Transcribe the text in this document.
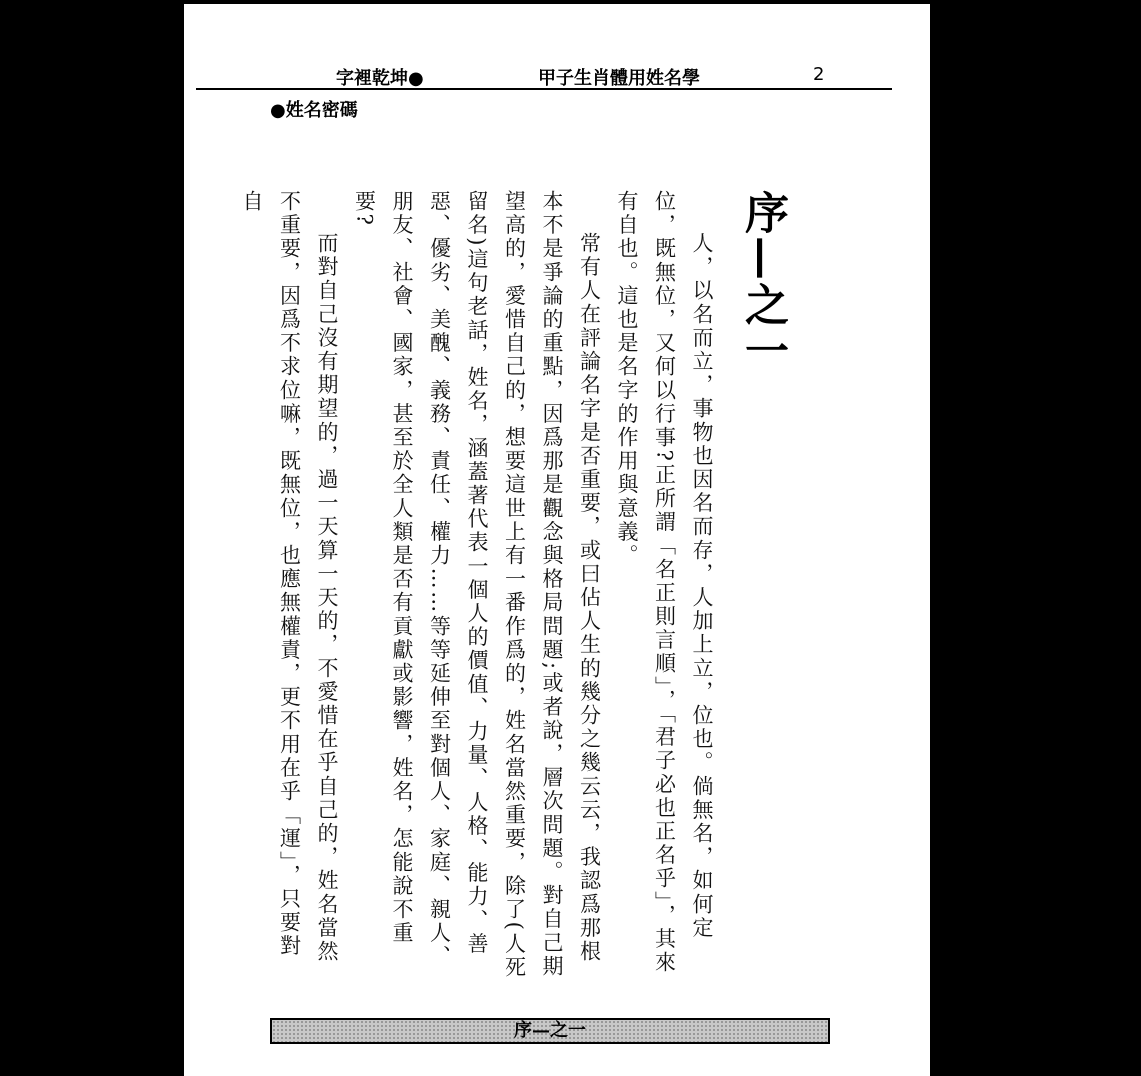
字裡乾坤●	甲子生肖體用姓名學	2
●姓名密碼
序—之一

人，以名而立，事物也因名而存，人加上立，位也。倘無名，如何定位，既無位，又何以行事?正所謂「名正則言順」，「君子必也正名乎」，其來有自也。這也是名字的作用與意義。

常有人在評論名字是否重要，或曰佔人生的幾分之幾云云，我認爲那根本不是爭論的重點，因爲那是觀念與格局問題;或者說，層次問題。對自己期望高的，愛惜自己的，想要這世上有一番作爲的，姓名當然重要，除了(人死留名)這句老話，姓名，涵蓋著代表一個人的價值、力量、人格、能力、善惡、優劣、美醜、義務、責任、權力……等等延伸至對個人、家庭、親人、朋友、社會、國家，甚至於全人類是否有貢獻或影響，姓名，怎能說不重要?

而對自己沒有期望的，過一天算一天的，不愛惜在乎自己的，姓名當然不重要，因爲不求位嘛，既無位，也應無權責，更不用在乎「運」，只要對自

序—之一
